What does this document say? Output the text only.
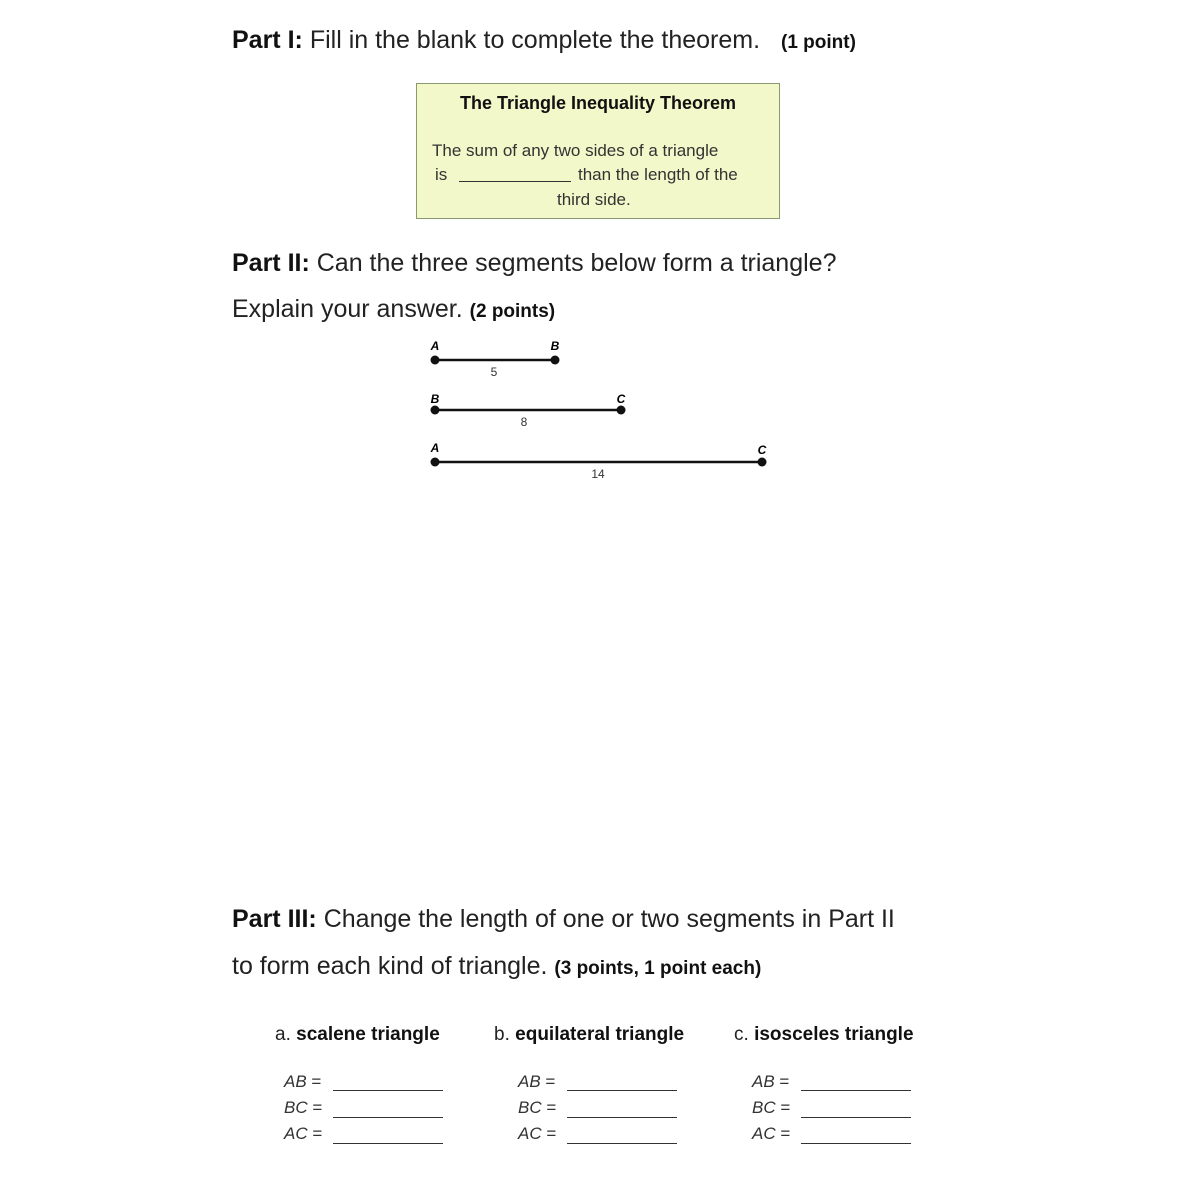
Part I: Fill in the blank to complete the theorem. (1 point)
The Triangle Inequality Theorem
The sum of any two sides of a triangle
is	than the length of the
third side.
Part II: Can the three segments below form a triangle?
Explain your answer. (2 points)
A	B
5
B	C
8
A	C
14
Part III: Change the length of one or two segments in Part II
to form each kind of triangle. (3 points, 1 point each)
a. scalene triangle
AB =
BC =
AC =
b. equilateral triangle
AB =
BC =
AC =
c. isosceles triangle
AB =
BC =
AC =
